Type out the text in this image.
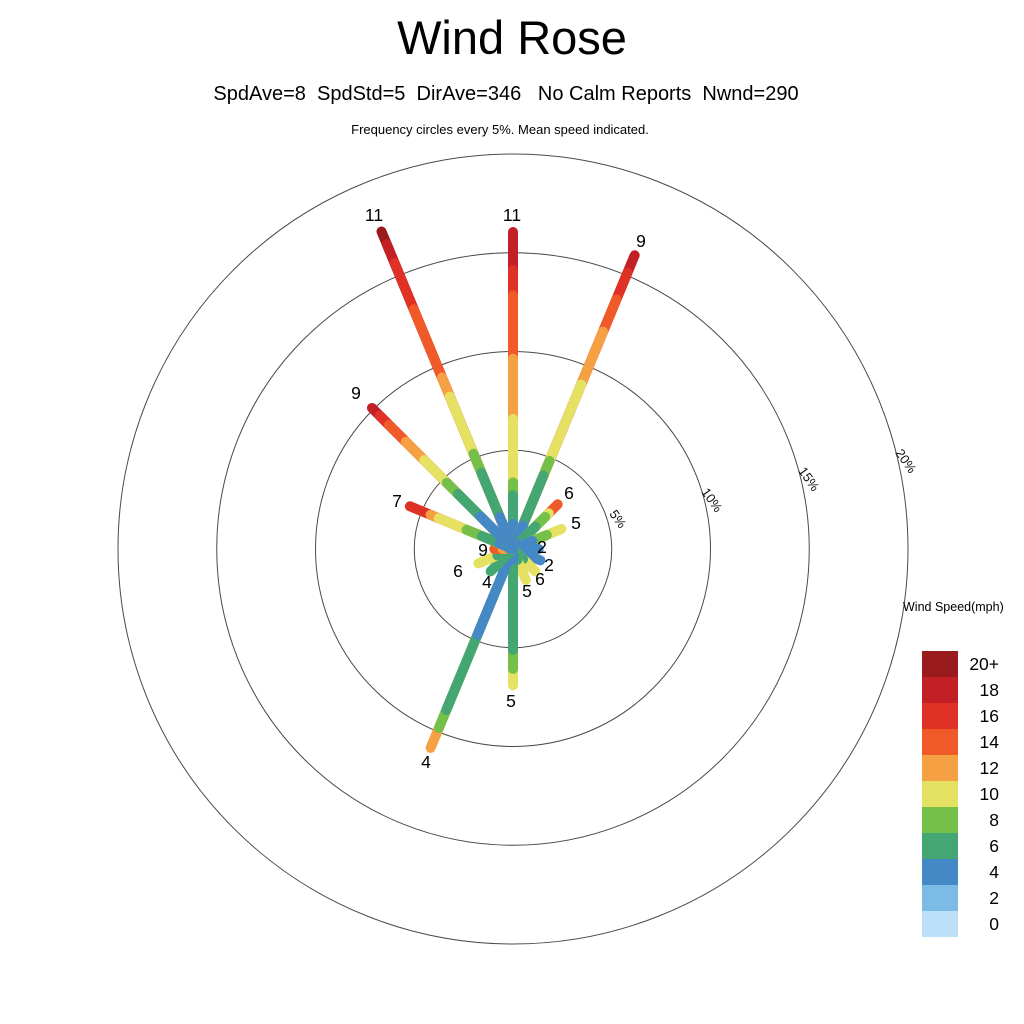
Wind Rose
SpdAve=8  SpdStd=5  DirAve=346   No Calm Reports  Nwnd=290
Frequency circles every 5%. Mean speed indicated.
5%
10%
15%
20%
11
9
6
5
2
2
6
5
5
4
4
6
9
7
9
11
Wind Speed(mph)
20+
18
16
14
12
10
8
6
4
2
0
